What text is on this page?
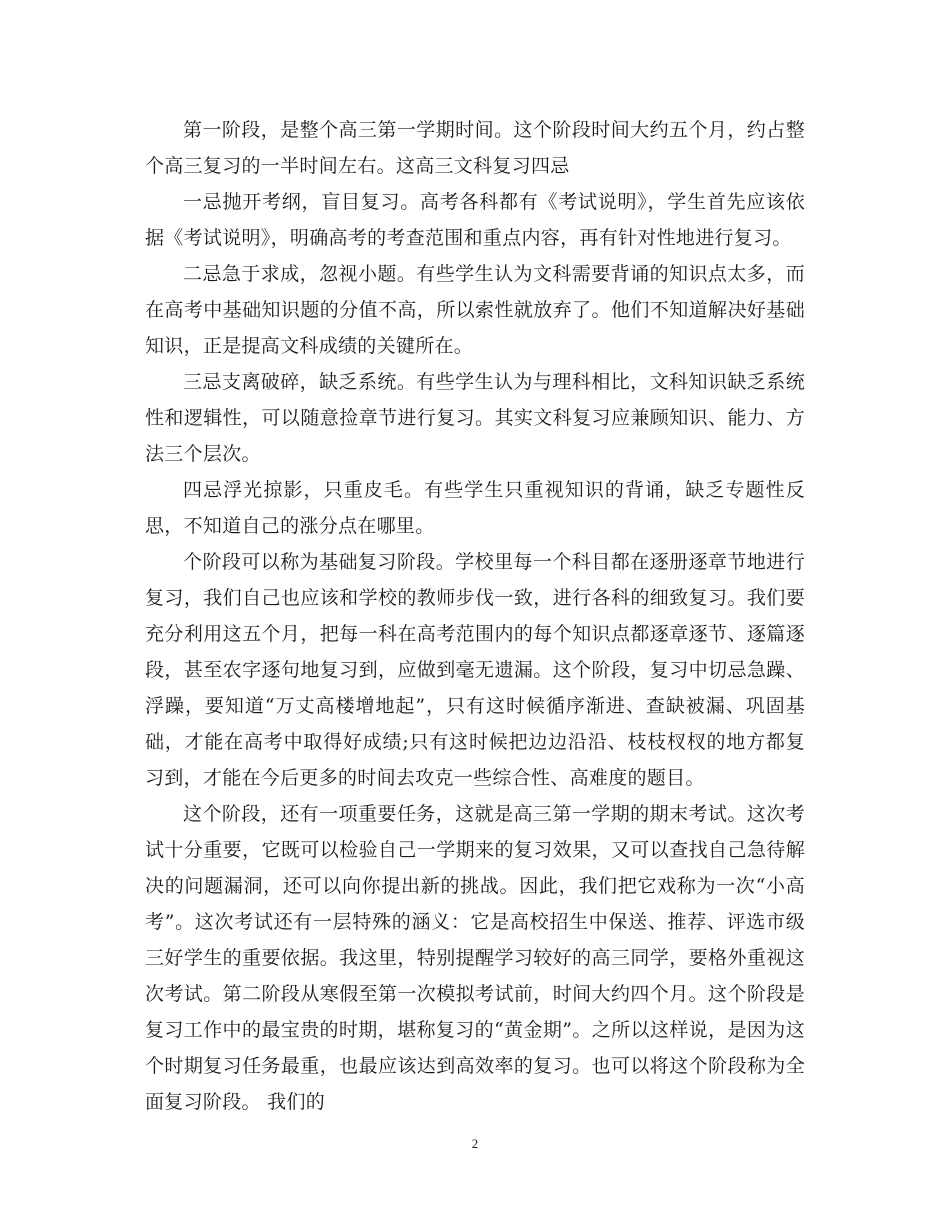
第一阶段，是整个高三第一学期时间。这个阶段时间大约五个月，约占整个高三复习的一半时间左右。这高三文科复习四忌

一忌抛开考纲，盲目复习。高考各科都有《考试说明》，学生首先应该依据《考试说明》，明确高考的考查范围和重点内容，再有针对性地进行复习。

二忌急于求成，忽视小题。有些学生认为文科需要背诵的知识点太多，而在高考中基础知识题的分值不高，所以索性就放弃了。他们不知道解决好基础知识，正是提高文科成绩的关键所在。

三忌支离破碎，缺乏系统。有些学生认为与理科相比，文科知识缺乏系统性和逻辑性，可以随意捡章节进行复习。其实文科复习应兼顾知识、能力、方法三个层次。

四忌浮光掠影，只重皮毛。有些学生只重视知识的背诵，缺乏专题性反思，不知道自己的涨分点在哪里。

个阶段可以称为基础复习阶段。学校里每一个科目都在逐册逐章节地进行复习，我们自己也应该和学校的教师步伐一致，进行各科的细致复习。我们要充分利用这五个月，把每一科在高考范围内的每个知识点都逐章逐节、逐篇逐段，甚至农字逐句地复习到，应做到毫无遗漏。这个阶段，复习中切忌急躁、浮躁，要知道“万丈高楼增地起”，只有这时候循序渐进、查缺被漏、巩固基础，才能在高考中取得好成绩;只有这时候把边边沿沿、枝枝杈杈的地方都复习到，才能在今后更多的时间去攻克一些综合性、高难度的题目。

这个阶段，还有一项重要任务，这就是高三第一学期的期末考试。这次考试十分重要，它既可以检验自己一学期来的复习效果，又可以查找自己急待解决的问题漏洞，还可以向你提出新的挑战。因此，我们把它戏称为一次“小高考”。这次考试还有一层特殊的涵义：它是高校招生中保送、推荐、评选市级三好学生的重要依据。我这里，特别提醒学习较好的高三同学，要格外重视这次考试。第二阶段从寒假至第一次模拟考试前，时间大约四个月。这个阶段是复习工作中的最宝贵的时期，堪称复习的“黄金期”。之所以这样说，是因为这个时期复习任务最重，也最应该达到高效率的复习。也可以将这个阶段称为全面复习阶段。 我们的

2
